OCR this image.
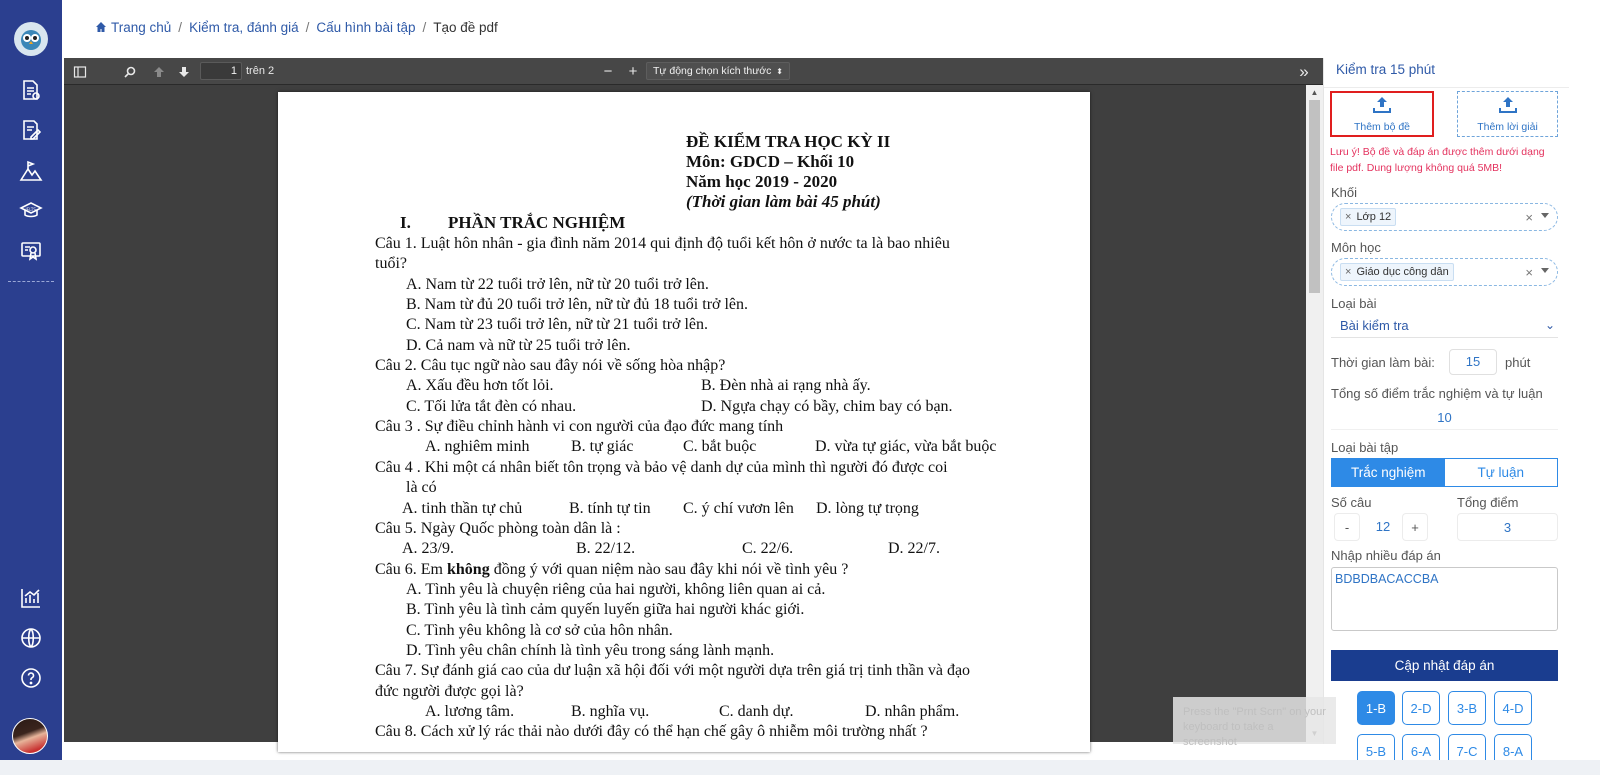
IELTS
Trang chủ / Kiểm tra, đánh giá / Cấu hình bài tập / Tạo đề pdf
1
trên 2	− +	Tự động chọn kích thước ⬍	»
ĐỀ KIỂM TRA HỌC KỲ II
Môn: GDCD – Khối 10
Năm học 2019 - 2020
(Thời gian làm bài 45 phút)
I. PHẦN TRẮC NGHIỆM
Câu 1. Luật hôn nhân - gia đình năm 2014 qui định độ tuổi kết hôn ở nước ta là bao nhiêu
tuổi?
A. Nam từ 22 tuổi trở lên, nữ từ 20 tuổi trở lên.
B. Nam từ đủ 20 tuổi trở lên, nữ từ đủ 18 tuổi trở lên.
C. Nam từ 23 tuổi trở lên, nữ từ 21 tuổi trở lên.
D. Cả nam và nữ từ 25 tuổi trở lên.
Câu 2. Câu tục ngữ nào sau đây nói về sống hòa nhập?
A. Xấu đều hơn tốt lỏi.	B. Đèn nhà ai rạng nhà ấy.
C. Tối lửa tắt đèn có nhau.	D. Ngựa chạy có bầy, chim bay có bạn.
Câu 3 . Sự điều chỉnh hành vi con người của đạo đức mang tính
A. nghiêm minh	B. tự giác	C. bắt buộc	D. vừa tự giác, vừa bắt buộc
Câu 4 . Khi một cá nhân biết tôn trọng và bảo vệ danh dự của mình thì người đó được coi
là có
A. tinh thần tự chủ	B. tính tự tin C. ý chí vươn lên D. lòng tự trọng
Câu 5. Ngày Quốc phòng toàn dân là :
A. 23/9.	B. 22/12.	C. 22/6.	D. 22/7.
Câu 6. Em không đồng ý với quan niệm nào sau đây khi nói về tình yêu ?
A. Tình yêu là chuyện riêng của hai người, không liên quan ai cả.
B. Tình yêu là tình cảm quyến luyến giữa hai người khác giới.
C. Tình yêu không là cơ sở của hôn nhân.
D. Tình yêu chân chính là tình yêu trong sáng lành mạnh.
Câu 7. Sự đánh giá cao của dư luận xã hội đối với một người dựa trên giá trị tinh thần và đạo
đức người được gọi là?
A. lương tâm.	B. nghĩa vụ.	C. danh dự.	D. nhân phẩm.
Câu 8. Cách xử lý rác thải nào dưới đây có thể hạn chế gây ô nhiễm môi trường nhất ?
▲
Kiểm tra 15 phút
Thêm bộ đề	Thêm lời giải
Lưu ý! Bộ đề và đáp án được thêm dưới dạng file pdf. Dung lượng không quá 5MB!
Khối
× Lớp 12	×
Môn học
× Giáo dục công dân	×
Loại bài
Bài kiểm tra	⌄
Thời gian làm bài:	15	phút
Tổng số điểm trắc nghiệm và tự luận
10
Loại bài tập
Trắc nghiệm	Tự luận
Số câu	Tổng điểm
-	12	+	3
Nhập nhiều đáp án
BDBDBACACCBA
Cập nhật đáp án
1-B	2-D	3-B	4-D
5-B	6-A	7-C	8-A
Press the "Prnt Scrn" on your keyboard to take a screenshot
